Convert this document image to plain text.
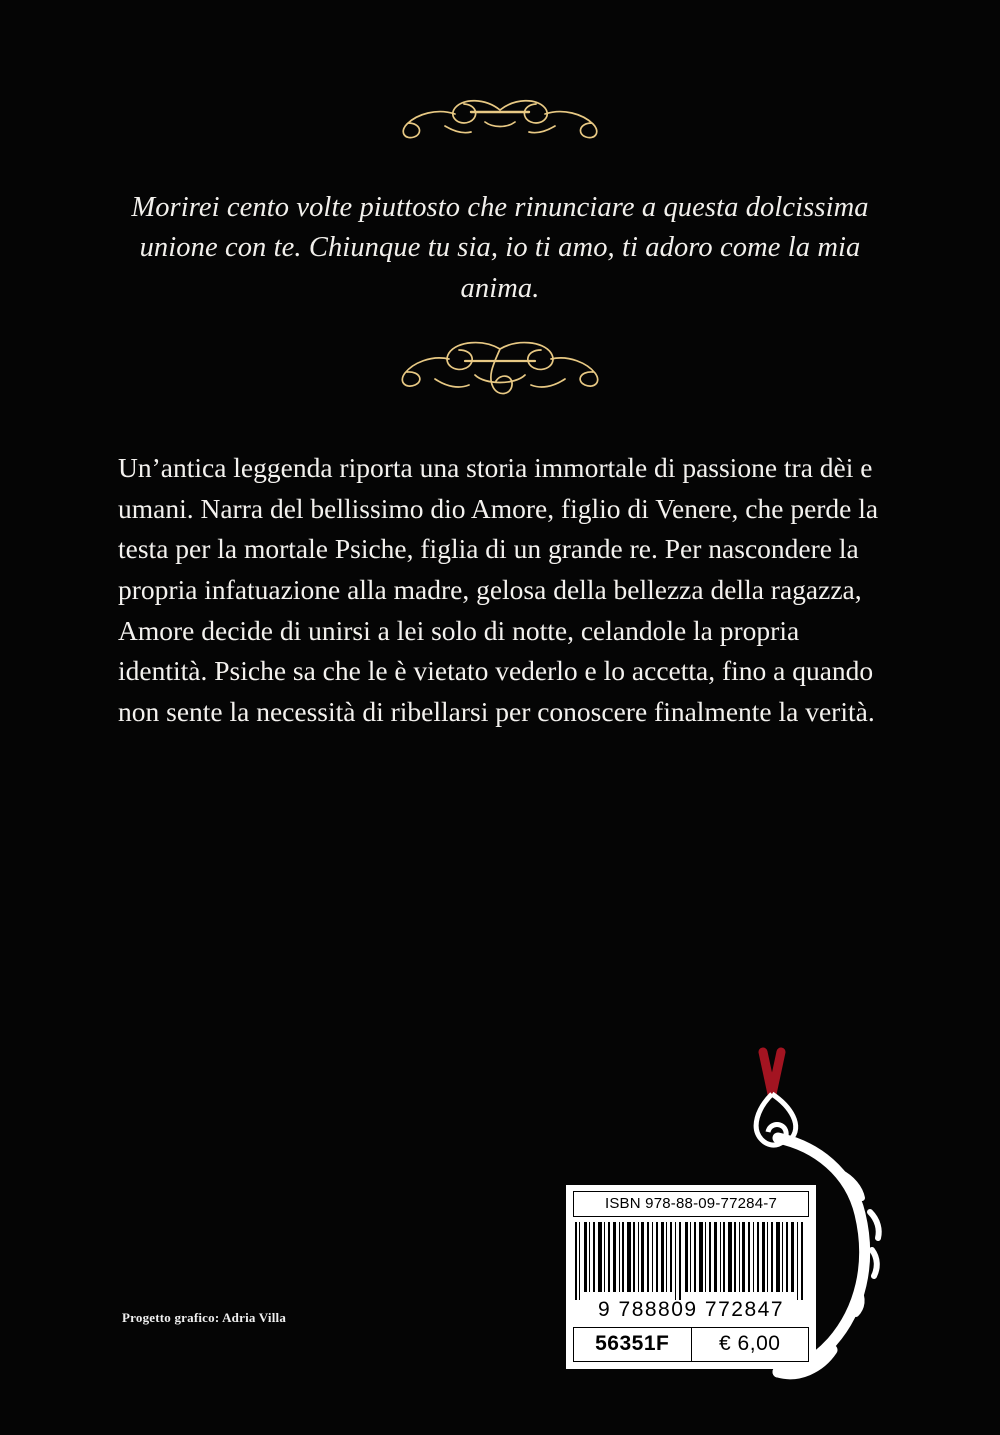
Morirei cento volte piuttosto che rinunciare a questa dolcissima unione con te. Chiunque tu sia, io ti amo, ti adoro come la mia anima.
Un’antica leggenda riporta una storia immortale di passione tra dèi e umani. Narra del bellissimo dio Amore, figlio di Venere, che perde la testa per la mortale Psiche, figlia di un grande re. Per nascondere la propria infatuazione alla madre, gelosa della bellezza della ragazza, Amore decide di unirsi a lei solo di notte, celandole la propria identità. Psiche sa che le è vietato vederlo e lo accetta, fino a quando non sente la necessità di ribellarsi per conoscere finalmente la verità.
ISBN 978-88-09-77284-7
9 788809 772847
56351F	€ 6,00
Progetto grafico: Adria Villa
